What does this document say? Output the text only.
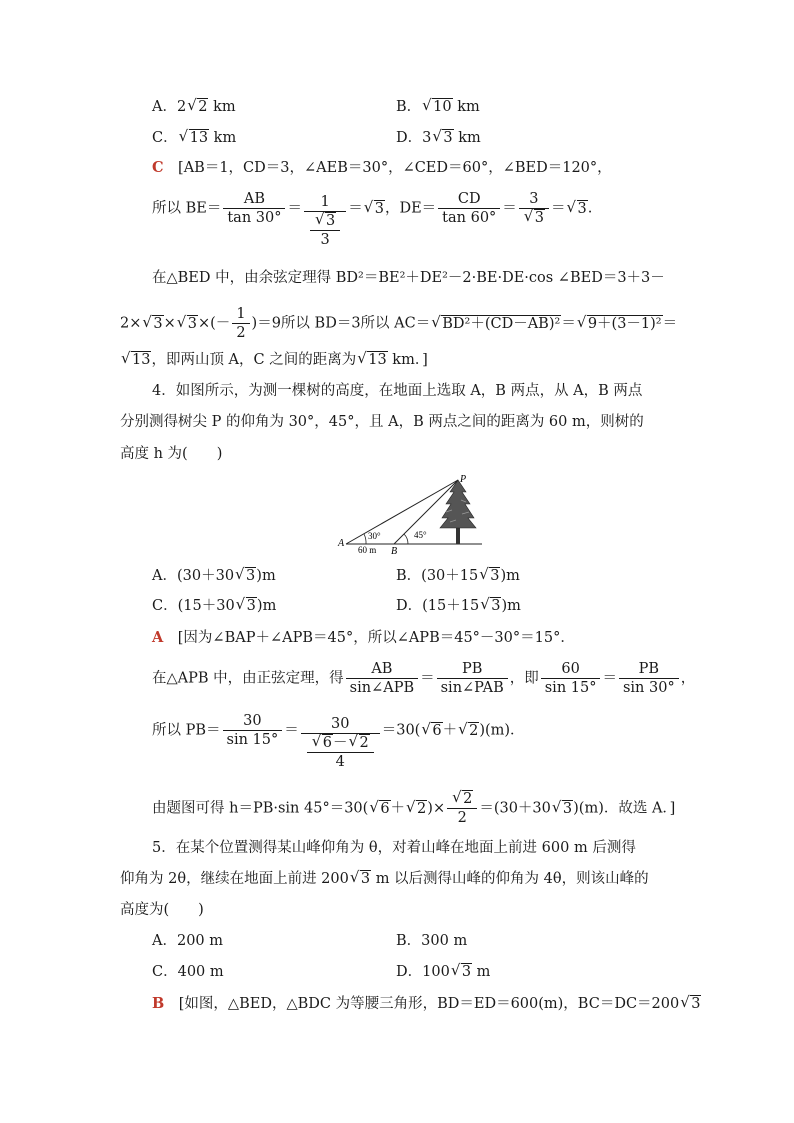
A．2√ 2 km	B．√ 10 km
C．√ 13 km	D．3√ 3 km
C　 [AB＝1，CD＝3，∠AEB＝30°，∠CED＝60°，∠BED＝120°，
所以 $BE= \frac{AB}{\tan 30^\circ} = 1$
√ $\frac{3}{3}$ ＝√ 3，$DE= \frac{CD}{\tan 60^\circ} = 3$
√ 3 ＝√ 3.
在△BED 中，由余弦定理得 BD²＝BE²＋DE²－2·BE·DE·cos ∠BED＝3＋3－
2×√ 3×√ $3\times(- \frac{1}{2} )=9$所以 BD＝3所以 AC＝√ BD²＋(CD－AB)²＝√ 9＋(3－1)²＝
√ 13，即两山顶 A，C 之间的距离为√ 13 km．]
4．如图所示，为测一棵树的高度，在地面上选取 A，B 两点，从 A，B 两点
分别测得树尖 P 的仰角为 30°，45°，且 A，B 两点之间的距离为 60 m，则树的
高度 h 为(　　)
P
A
B
30°	45°
60 m
A．(30＋30√ 3)m	B．(30＋15√ 3)m
C．(15＋30√ 3)m	D．(15＋15√ 3)m
A　 [因为∠BAP＋∠APB＝45°，所以∠APB＝45°－30°＝15°．
在△APB 中，由正弦定理，得
AB
sin∠APB
＝
PB
sin∠PAB
，即 $\frac{60}{\sin 15^\circ} = \frac{PB}{\sin 30^\circ}$ ，
所以 $PB= \frac{30}{\sin 15^\circ} = 30$
√ $\frac{6-√ 2}{4} =30(√$ 6＋√ 2)(m)．
由题图可得 h＝PB·sin 45°＝30(√ 6＋√ 2)×
√ $\frac{2}{2} =(30+30√$ 3)(m)．故选 A．]
5．在某个位置测得某山峰仰角为 θ，对着山峰在地面上前进 600 m 后测得
仰角为 2θ，继续在地面上前进 200√ 3 m 以后测得山峰的仰角为 4θ，则该山峰的
高度为(　　)
A．200 m	B．300 m
C．400 m	D．100√ 3 m
B　 [如图，△BED，△BDC 为等腰三角形，BD＝ED＝600(m)，BC＝DC＝200√ 3
